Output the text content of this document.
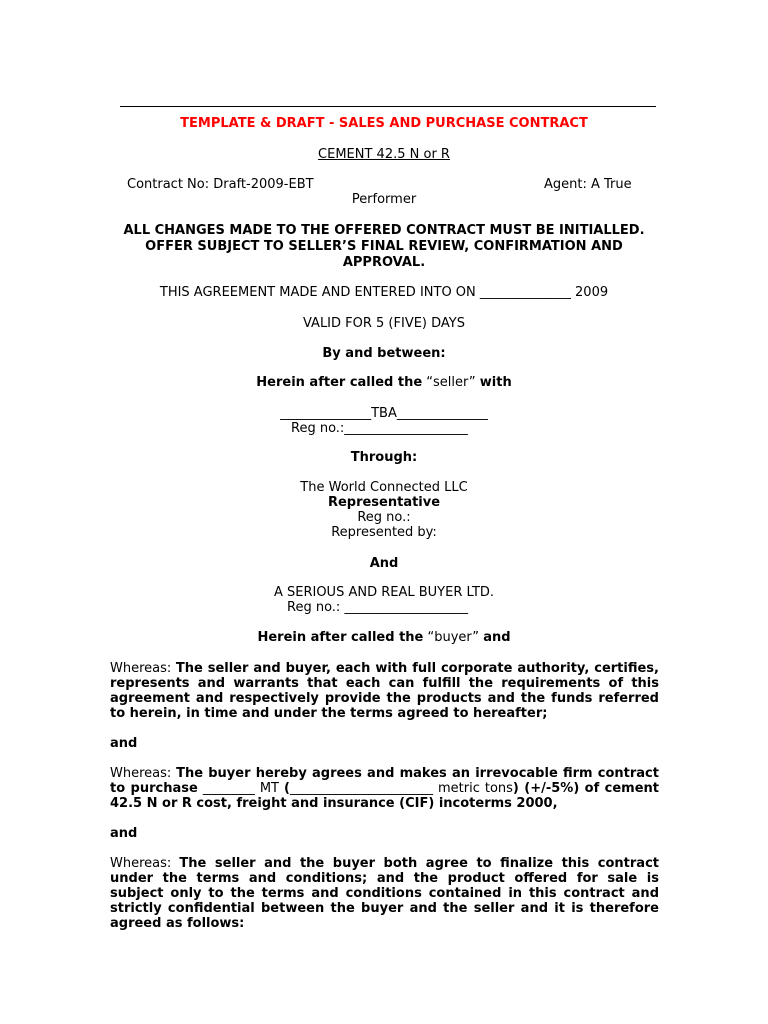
TEMPLATE & DRAFT - SALES AND PURCHASE CONTRACT
CEMENT 42.5 N or R
Contract No: Draft-2009-EBT	Agent: A True
Performer
ALL CHANGES MADE TO THE OFFERED CONTRACT MUST BE INITIALLED.
OFFER SUBJECT TO SELLER’S FINAL REVIEW, CONFIRMATION AND
APPROVAL.
THIS AGREEMENT MADE AND ENTERED INTO ON ______________ 2009
VALID FOR 5 (FIVE) DAYS
By and between:
Herein after called the “seller” with
______________TBA______________
Reg no.:___________________
Through:
The World Connected LLC
Representative
Reg no.:
Represented by:
And
A SERIOUS AND REAL BUYER LTD.
Reg no.: ___________________
Herein after called the “buyer” and
Whereas: The seller and buyer, each with full corporate authority, certifies, represents and warrants that each can fulfill the requirements of this agreement and respectively provide the products and the funds referred to herein, in time and under the terms agreed to hereafter;
and
Whereas: The buyer hereby agrees and makes an irrevocable firm contract to purchase ________ MT (______________________ metric tons) (+/-5%) of cement 42.5 N or R cost, freight and insurance (CIF) incoterms 2000,
and
Whereas: The seller and the buyer both agree to finalize this contract under the terms and conditions; and the product offered for sale is subject only to the terms and conditions contained in this contract and strictly confidential between the buyer and the seller and it is therefore agreed as follows:
